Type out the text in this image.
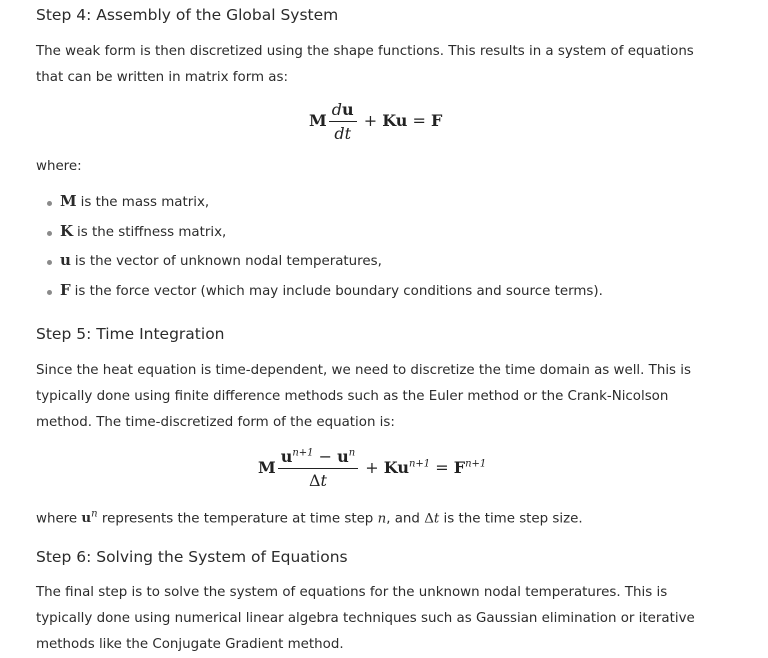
Step 4: Assembly of the Global System

The weak form is then discretized using the shape functions. This results in a system of equations that can be written in matrix form as:

M $\frac{du}{dt} + Ku = F$

where:

M is the mass matrix,
K is the stiffness matrix,
u is the vector of unknown nodal temperatures,
F is the force vector (which may include boundary conditions and source terms).
Step 5: Time Integration

Since the heat equation is time-dependent, we need to discretize the time domain as well. This is typically done using finite difference methods such as the Euler method or the Crank-Nicolson method. The time-discretized form of the equation is:

M $\frac{u^{n+1} - u^n}{\Delta t} + Ku^{n+1} = F^{n+1}$

where $u^n$ represents the temperature at time step n, and Δt is the time step size.

Step 6: Solving the System of Equations

The final step is to solve the system of equations for the unknown nodal temperatures. This is typically done using numerical linear algebra techniques such as Gaussian elimination or iterative methods like the Conjugate Gradient method.
